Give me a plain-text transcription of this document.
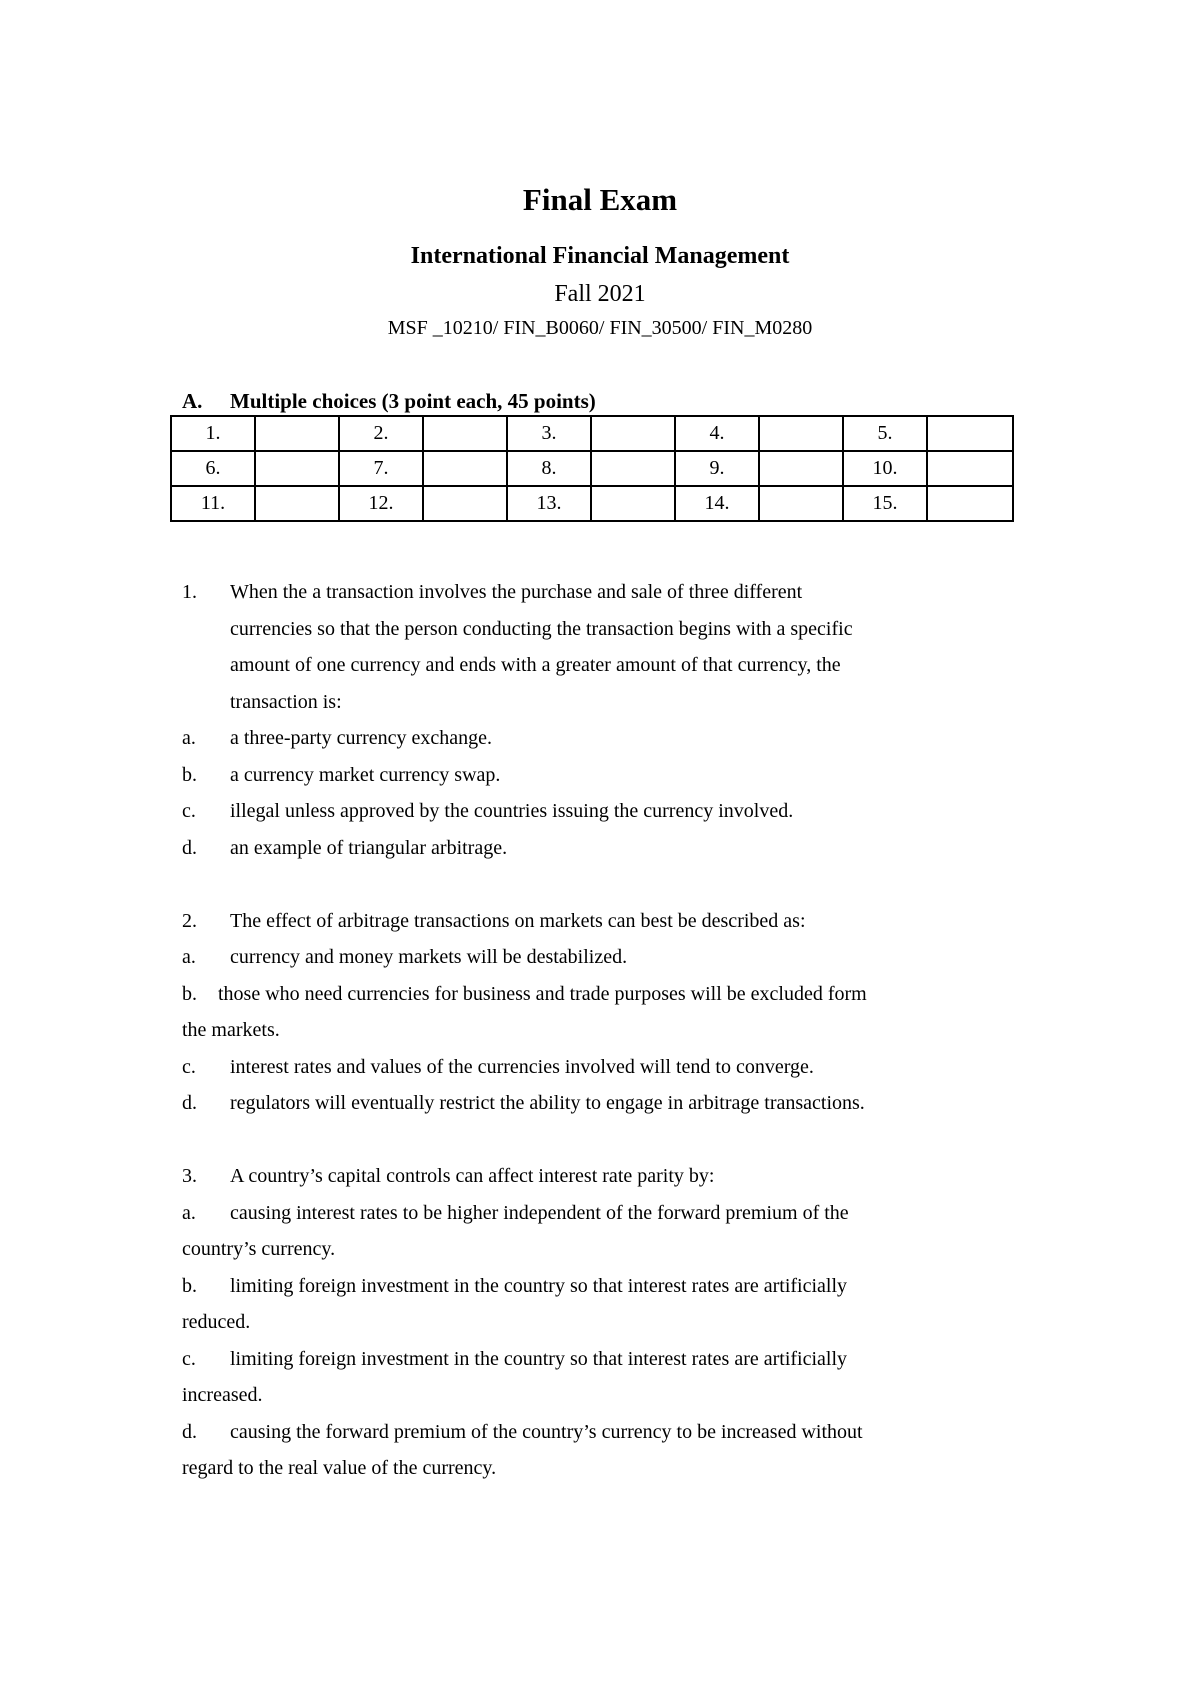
Final Exam
International Financial Management
Fall 2021
MSF _10210/ FIN_B0060/ FIN_30500/ FIN_M0280
A. Multiple choices (3 point each, 45 points)
1.		2.		3.		4.		5.	
6.		7.		8.		9.		10.	
11.		12.		13.		14.		15.	
1.	When the a transaction involves the purchase and sale of three different
currencies so that the person conducting the transaction begins with a specific
amount of one currency and ends with a greater amount of that currency, the
transaction is:
a.	a three-party currency exchange.
b.	a currency market currency swap.
c.	illegal unless approved by the countries issuing the currency involved.
d.	an example of triangular arbitrage.
2.	The effect of arbitrage transactions on markets can best be described as:
a.	currency and money markets will be destabilized.
b.	those who need currencies for business and trade purposes will be excluded form
the markets.
c.	interest rates and values of the currencies involved will tend to converge.
d.	regulators will eventually restrict the ability to engage in arbitrage transactions.
3.	A country’s capital controls can affect interest rate parity by:
a.	causing interest rates to be higher independent of the forward premium of the
country’s currency.
b.	limiting foreign investment in the country so that interest rates are artificially
reduced.
c.	limiting foreign investment in the country so that interest rates are artificially
increased.
d.	causing the forward premium of the country’s currency to be increased without
regard to the real value of the currency.
